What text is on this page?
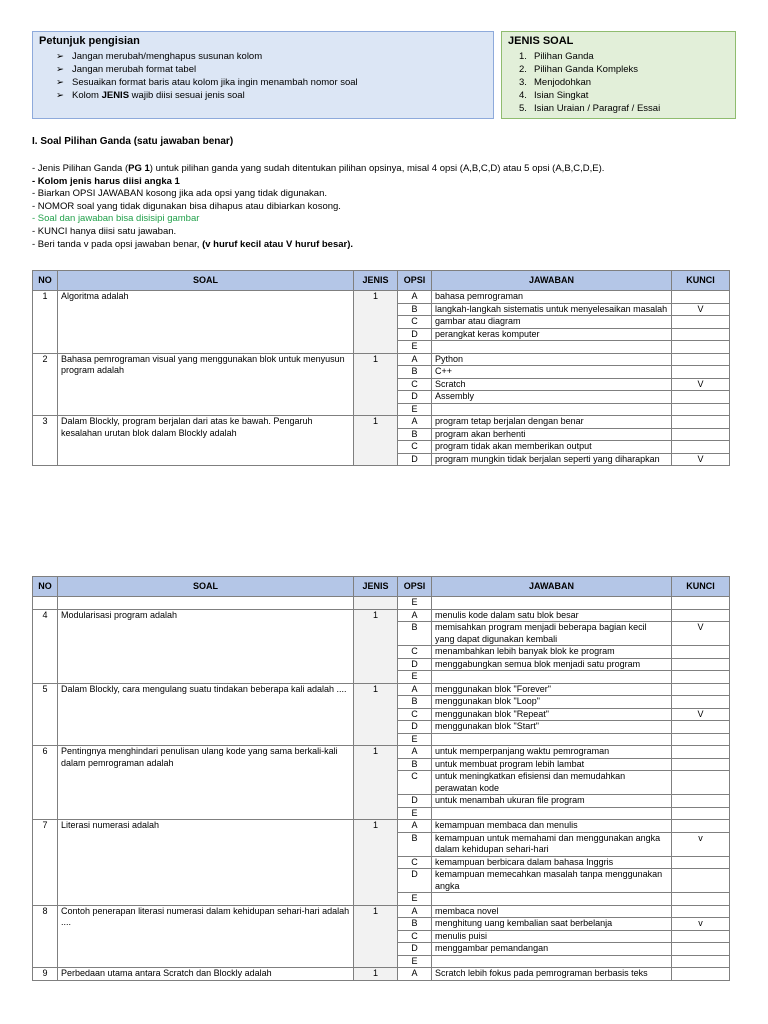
Petunjuk pengisian
➢ Jangan merubah/menghapus susunan kolom
➢ Jangan merubah format tabel
➢ Sesuaikan format baris atau kolom jika ingin menambah nomor soal
➢ Kolom JENIS wajib diisi sesuai jenis soal
JENIS SOAL
1. Pilihan Ganda
2. Pilihan Ganda Kompleks
3. Menjodohkan
4. Isian Singkat
5. Isian Uraian / Paragraf / Essai
I. Soal Pilihan Ganda (satu jawaban benar)
- Jenis Pilihan Ganda (PG 1) untuk pilihan ganda yang sudah ditentukan pilihan opsinya, misal 4 opsi (A,B,C,D) atau 5 opsi (A,B,C,D,E).
- Kolom jenis harus diisi angka 1
- Biarkan OPSI JAWABAN kosong jika ada opsi yang tidak digunakan.
- NOMOR soal yang tidak digunakan bisa dihapus atau dibiarkan kosong.
- Soal dan jawaban bisa disisipi gambar
- KUNCI hanya diisi satu jawaban.
- Beri tanda v pada opsi jawaban benar, (v huruf kecil atau V huruf besar).
NO	SOAL	JENIS	OPSI	JAWABAN	KUNCI
1	Algoritma adalah	1	A	bahasa pemrograman	
			B	langkah-langkah sistematis untuk menyelesaikan masalah	V
			C	gambar atau diagram	
			D	perangkat keras komputer	
			E		
2	Bahasa pemrograman visual yang menggunakan blok untuk menyusun program adalah	1	A	Python	
			B	C++	
			C	Scratch	V
			D	Assembly	
			E		
3	Dalam Blockly, program berjalan dari atas ke bawah. Pengaruh kesalahan urutan blok dalam Blockly adalah	1	A	program tetap berjalan dengan benar	
			B	program akan berhenti	
			C	program tidak akan memberikan output	
			D	program mungkin tidak berjalan seperti yang diharapkan	V
NO	SOAL	JENIS	OPSI	JAWABAN	KUNCI
			E		
4	Modularisasi program adalah	1	A	menulis kode dalam satu blok besar	
			B	memisahkan program menjadi beberapa bagian kecil yang dapat digunakan kembali	V
			C	menambahkan lebih banyak blok ke program	
			D	menggabungkan semua blok menjadi satu program	
			E		
5	Dalam Blockly, cara mengulang suatu tindakan beberapa kali adalah ....	1	A	menggunakan blok "Forever"	
			B	menggunakan blok "Loop"	
			C	menggunakan blok "Repeat"	V
			D	menggunakan blok "Start"	
			E		
6	Pentingnya menghindari penulisan ulang kode yang sama berkali-kali dalam pemrograman adalah	1	A	untuk memperpanjang waktu pemrograman	
			B	untuk membuat program lebih lambat	
			C	untuk meningkatkan efisiensi dan memudahkan perawatan kode	
			D	untuk menambah ukuran file program	
			E		
7	Literasi numerasi adalah	1	A	kemampuan membaca dan menulis	
			B	kemampuan untuk memahami dan menggunakan angka dalam kehidupan sehari-hari	v
			C	kemampuan berbicara dalam bahasa Inggris	
			D	kemampuan memecahkan masalah tanpa menggunakan angka	
			E		
8	Contoh penerapan literasi numerasi dalam kehidupan sehari-hari adalah ....	1	A	membaca novel	
			B	menghitung uang kembalian saat berbelanja	v
			C	menulis puisi	
			D	menggambar pemandangan	
			E		
9	Perbedaan utama antara Scratch dan Blockly adalah	1	A	Scratch lebih fokus pada pemrograman berbasis teks	
